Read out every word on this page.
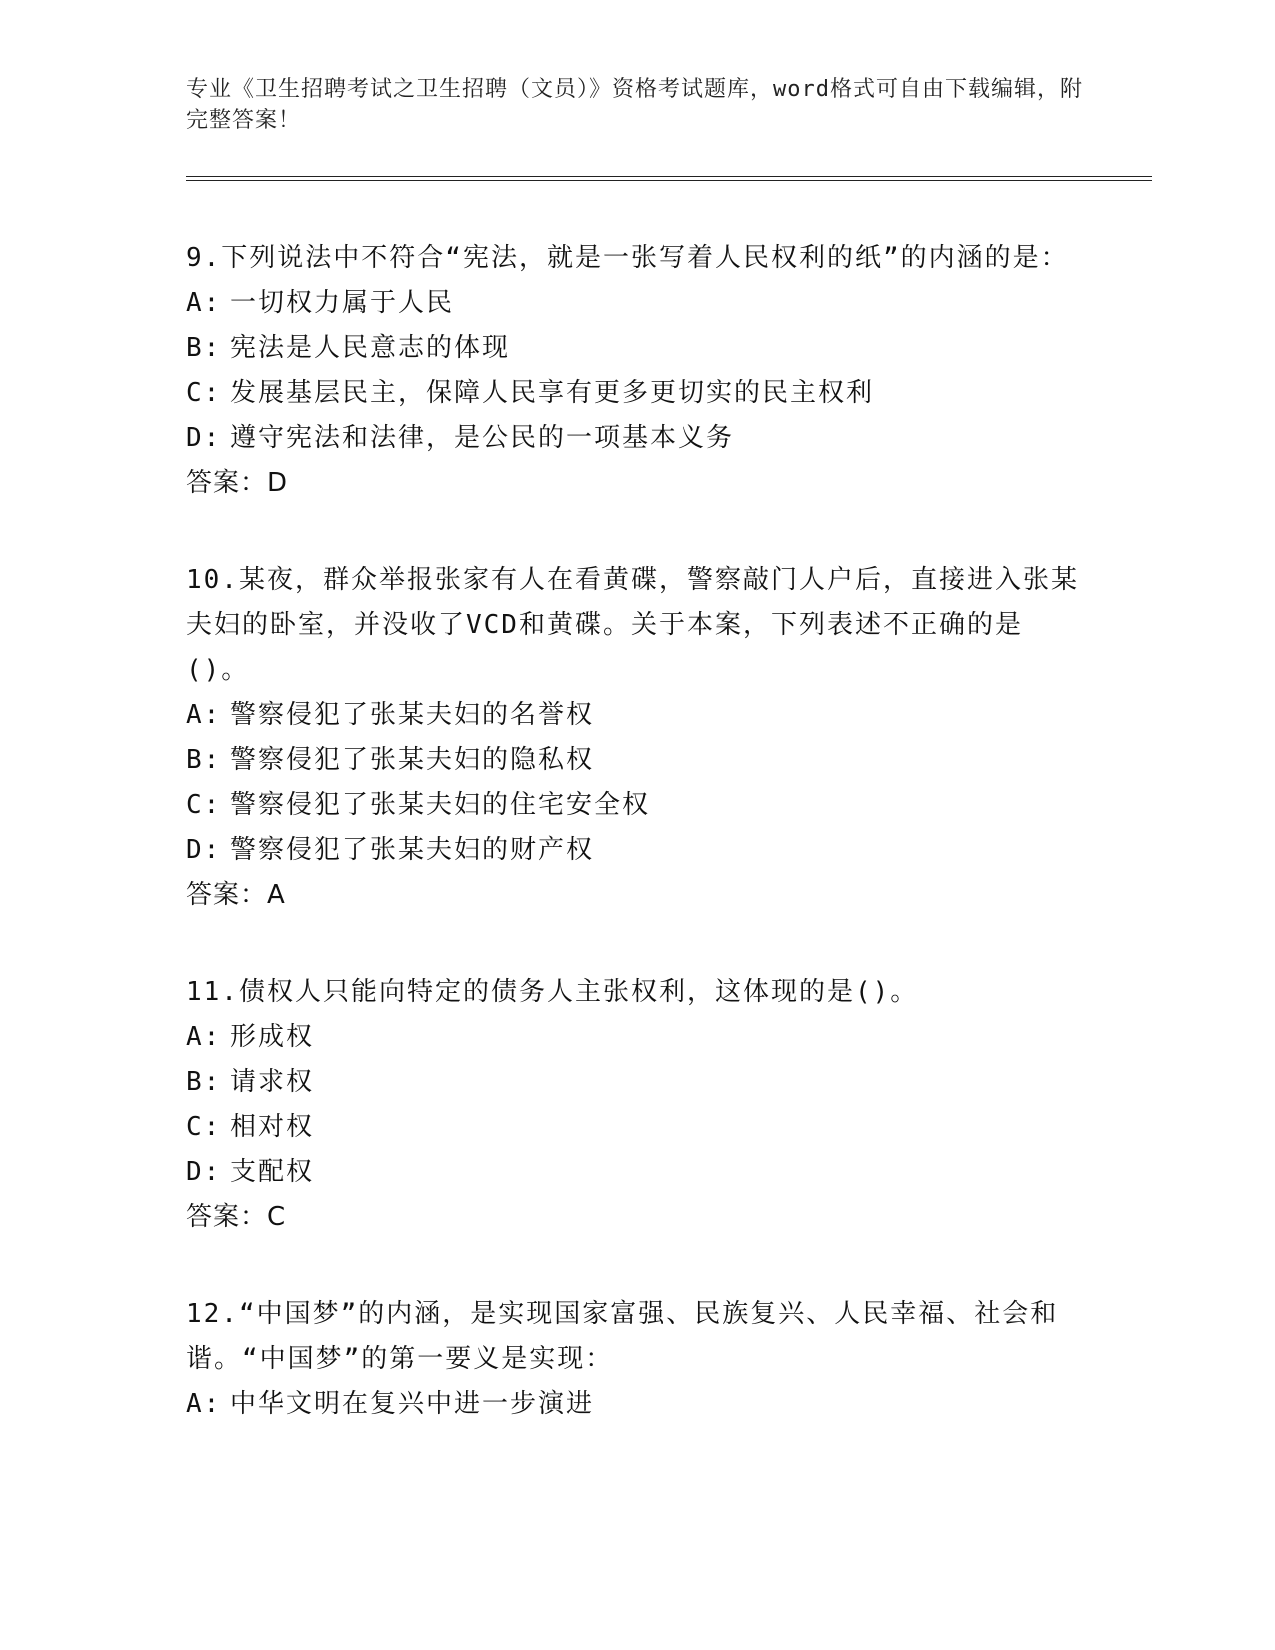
专业《卫生招聘考试之卫生招聘（文员）》资格考试题库，word格式可自由下载编辑，附完整答案！
9.下列说法中不符合“宪法，就是一张写着人民权利的纸”的内涵的是：
A: 一切权力属于人民
B: 宪法是人民意志的体现
C: 发展基层民主，保障人民享有更多更切实的民主权利
D: 遵守宪法和法律，是公民的一项基本义务
答案：D
10.某夜，群众举报张家有人在看黄碟，警察敲门人户后，直接进入张某夫妇的卧室，并没收了VCD和黄碟。关于本案，下列表述不正确的是()。
A: 警察侵犯了张某夫妇的名誉权
B: 警察侵犯了张某夫妇的隐私权
C: 警察侵犯了张某夫妇的住宅安全权
D: 警察侵犯了张某夫妇的财产权
答案：A
11.债权人只能向特定的债务人主张权利，这体现的是()。
A: 形成权
B: 请求权
C: 相对权
D: 支配权
答案：C
12.“中国梦”的内涵，是实现国家富强、民族复兴、人民幸福、社会和谐。“中国梦”的第一要义是实现：
A: 中华文明在复兴中进一步演进
